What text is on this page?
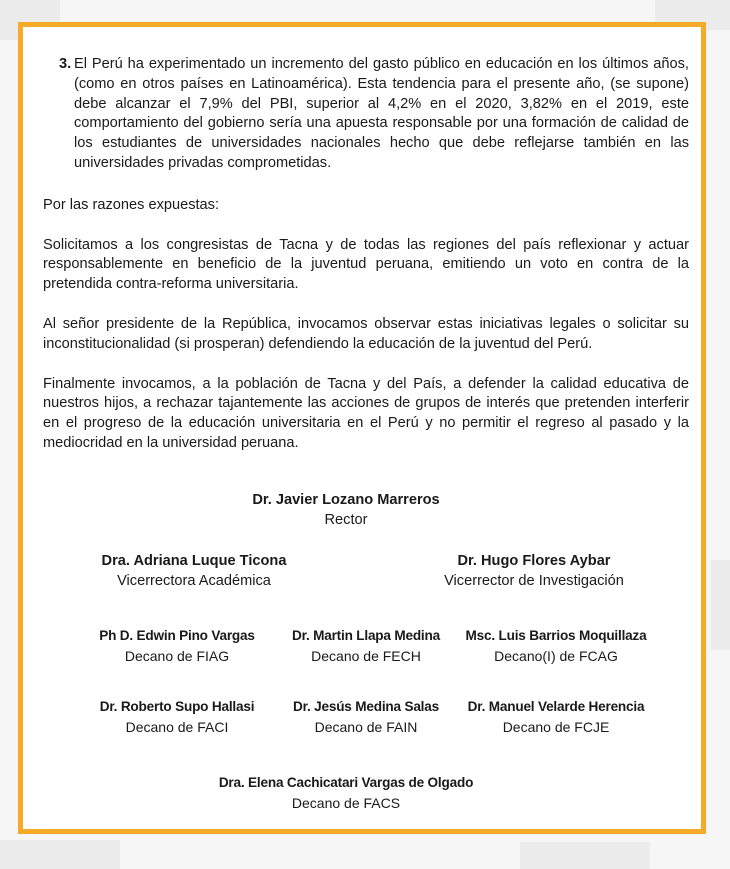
3. El Perú ha experimentado un incremento del gasto público en educación en los últimos años, (como en otros países en Latinoamérica). Esta tendencia para el presente año, (se supone) debe alcanzar el 7,9% del PBI, superior al 4,2% en el 2020, 3,82% en el 2019, este comportamiento del gobierno sería una apuesta responsable por una formación de calidad de los estudiantes de universidades nacionales hecho que debe reflejarse también en las universidades privadas comprometidas.

Por las razones expuestas:

Solicitamos a los congresistas de Tacna y de todas las regiones del país reflexionar y actuar responsablemente en beneficio de la juventud peruana, emitiendo un voto en contra de la pretendida contra-reforma universitaria.

Al señor presidente de la República, invocamos observar estas iniciativas legales o solicitar su inconstitucionalidad (si prosperan) defendiendo la educación de la juventud del Perú.

Finalmente invocamos, a la población de Tacna y del País, a defender la calidad educativa de nuestros hijos, a rechazar tajantemente las acciones de grupos de interés que pretenden interferir en el progreso de la educación universitaria en el Perú y no permitir el regreso al pasado y la mediocridad en la universidad peruana.

Dr. Javier Lozano Marreros
Rector
Dra. Adriana Luque Ticona
Vicerrectora Académica
Dr. Hugo Flores Aybar
Vicerrector de Investigación
Ph D. Edwin Pino Vargas
Decano de FIAG
Dr. Martin Llapa Medina
Decano de FECH
Msc. Luis Barrios Moquillaza
Decano(I) de FCAG
Dr. Roberto Supo Hallasi
Decano de FACI
Dr. Jesús Medina Salas
Decano de FAIN
Dr. Manuel Velarde Herencia
Decano de FCJE
Dra. Elena Cachicatari Vargas de Olgado
Decano de FACS
